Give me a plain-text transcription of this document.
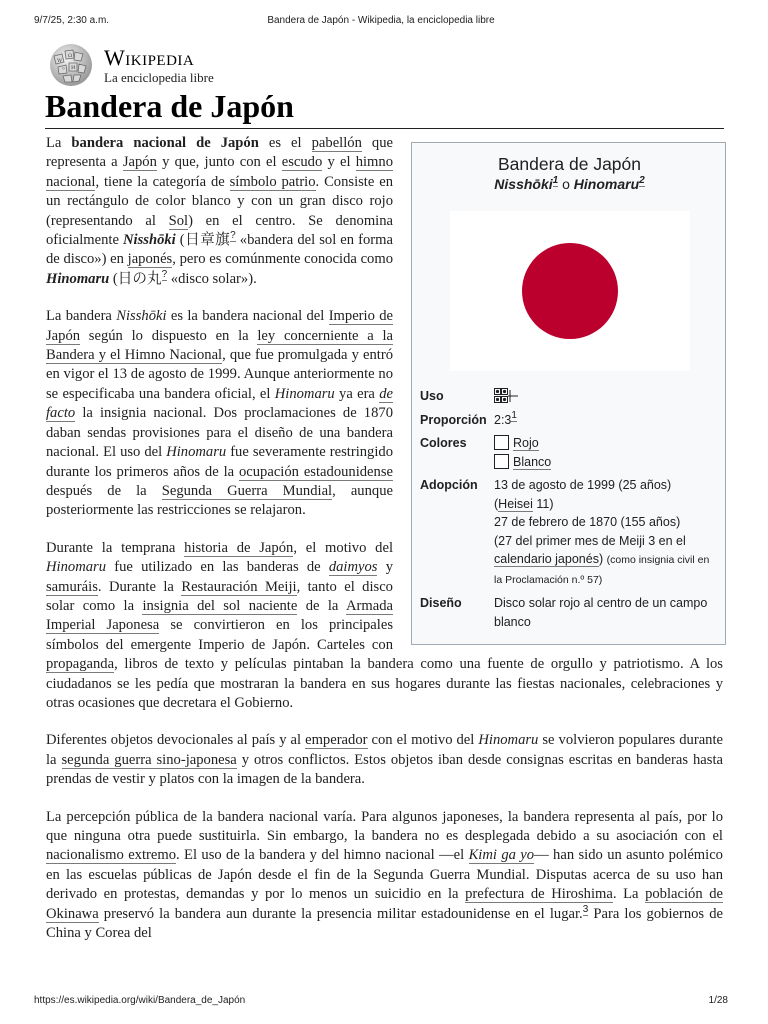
9/7/25, 2:30 a.m.	Bandera de Japón - Wikipedia, la enciclopedia libre
W
Ω
И
ᄋ
Wikipedia
La enciclopedia libre
Bandera de Japón
Bandera de Japón
Nisshōki$^1$ o Hinomaru$^2$
Uso	
Proporción	2:3$^1$
Colores	Rojo
Blanco

Adopción	13 de agosto de 1999 (25 años)
(Heisei 11)
27 de febrero de 1870 (155 años)
(27 del primer mes de Meiji 3 en el
calendario japonés) (como insignia civil en la Proclamación n.º 57)

Diseño	Disco solar rojo al centro de un campo blanco

La bandera nacional de Japón es el pabellón que representa a Japón y que, junto con el escudo y el himno nacional, tiene la categoría de símbolo patrio. Consiste en un rectángulo de color blanco y con un gran disco rojo (representando al Sol) en el centro. Se denomina oficialmente Nisshōki (日章旗? «bandera del sol en forma de disco») en japonés, pero es comúnmente conocida como Hinomaru (日の丸? «disco solar»).

La bandera Nisshōki es la bandera nacional del Imperio de Japón según lo dispuesto en la ley concerniente a la Bandera y el Himno Nacional, que fue promulgada y entró en vigor el 13 de agosto de 1999. Aunque anteriormente no se especificaba una bandera oficial, el Hinomaru ya era de facto la insignia nacional. Dos proclamaciones de 1870 daban sendas provisiones para el diseño de una bandera nacional. El uso del Hinomaru fue severamente restringido durante los primeros años de la ocupación estadounidense después de la Segunda Guerra Mundial, aunque posteriormente las restricciones se relajaron.

Durante la temprana historia de Japón, el motivo del Hinomaru fue utilizado en las banderas de daimyos y samuráis. Durante la Restauración Meiji, tanto el disco solar como la insignia del sol naciente de la Armada Imperial Japonesa se convirtieron en los principales símbolos del emergente Imperio de Japón. Carteles con propaganda, libros de texto y películas pintaban la bandera como una fuente de orgullo y patriotismo. A los ciudadanos se les pedía que mostraran la bandera en sus hogares durante las fiestas nacionales, celebraciones y otras ocasiones que decretara el Gobierno.

Diferentes objetos devocionales al país y al emperador con el motivo del Hinomaru se volvieron populares durante la segunda guerra sino-japonesa y otros conflictos. Estos objetos iban desde consignas escritas en banderas hasta prendas de vestir y platos con la imagen de la bandera.

La percepción pública de la bandera nacional varía. Para algunos japoneses, la bandera representa al país, por lo que ninguna otra puede sustituirla. Sin embargo, la bandera no es desplegada debido a su asociación con el nacionalismo extremo. El uso de la bandera y del himno nacional —el Kimi ga yo— han sido un asunto polémico en las escuelas públicas de Japón desde el fin de la Segunda Guerra Mundial. Disputas acerca de su uso han derivado en protestas, demandas y por lo menos un suicidio en la prefectura de Hiroshima. La población de Okinawa preservó la bandera aun durante la presencia militar estadounidense en el lugar.$^3$ Para los gobiernos de China y Corea del

https://es.wikipedia.org/wiki/Bandera_de_Japón	1/28
